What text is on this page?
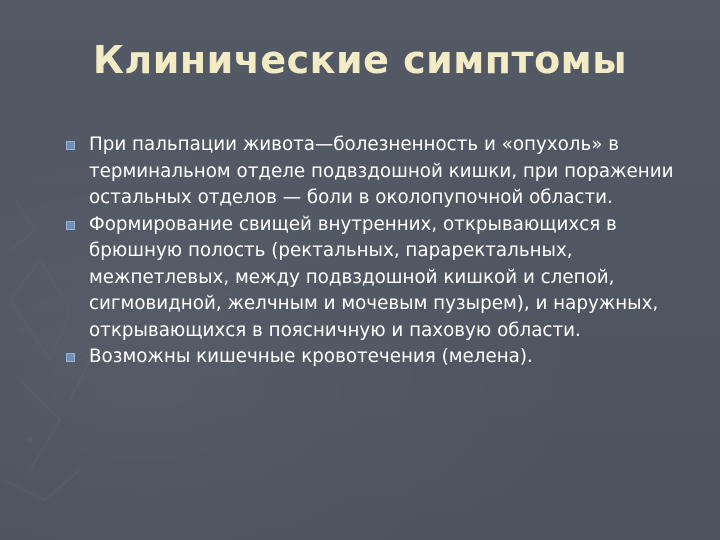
Клинические симптомы
При пальпации живота—болезненность и «опухоль» в терминальном отделе подвздошной кишки, при поражении остальных отделов — боли в околопупочной области.
Формирование свищей внутренних, открывающихся в брюшную полость (ректальных, параректальных, межпетлевых, между подвздошной кишкой и слепой, сигмовидной, желчным и мочевым пузырем), и наружных, открывающихся в поясничную и паховую области.
Возможны кишечные кровотечения (мелена).
